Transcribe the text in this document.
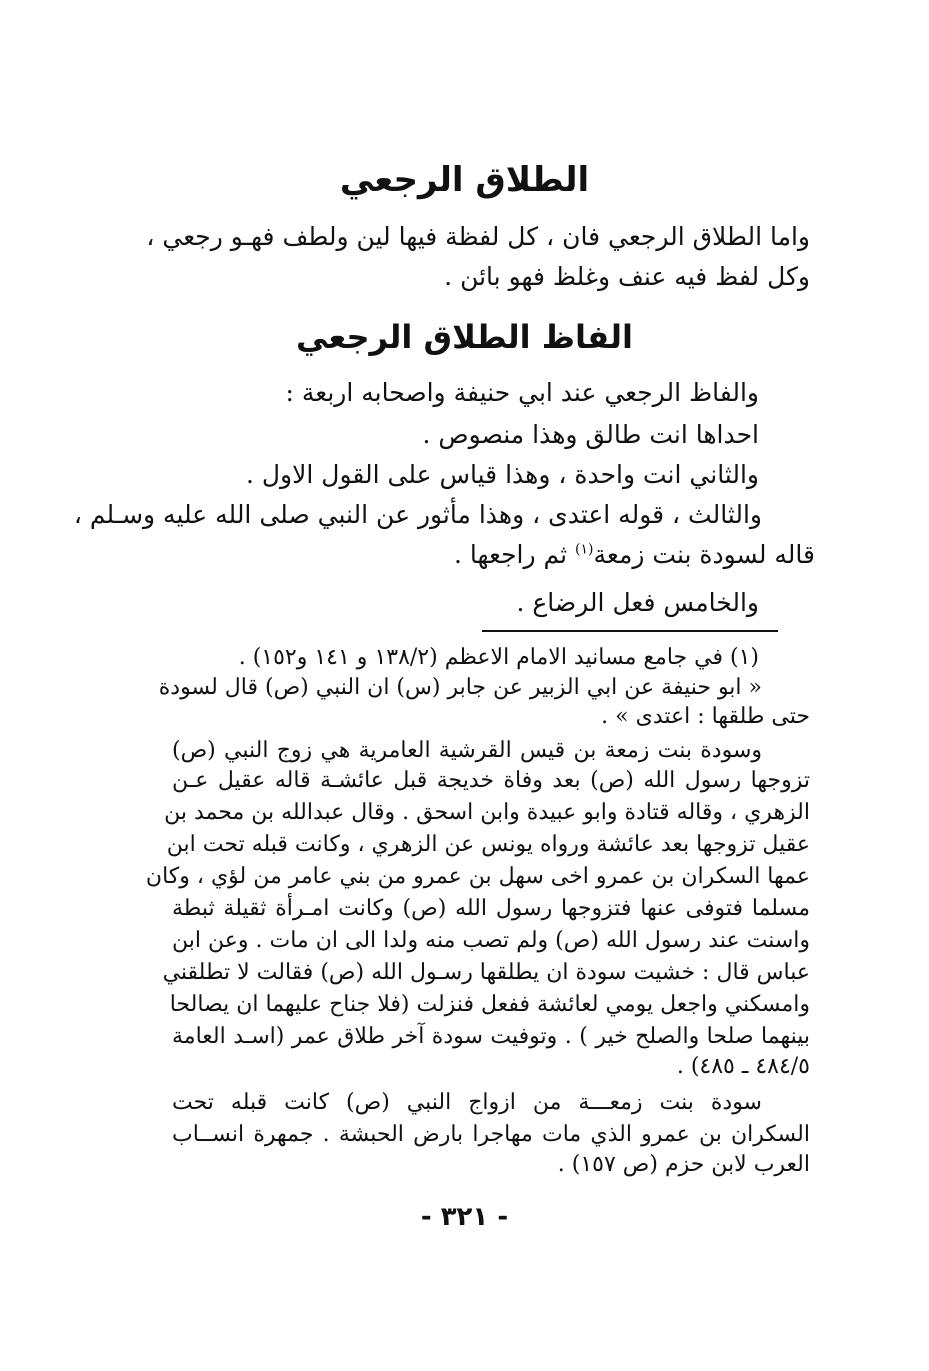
الطلاق الرجعي
واما الطلاق الرجعي فان ، كل لفظة فيها لين ولطف فهـو رجعي ،
وكل لفظ فيه عنف وغلظ فهو بائن .
الفاظ الطلاق الرجعي
والفاظ الرجعي عند ابي حنيفة واصحابه اربعة :
احداها انت طالق وهذا منصوص .
والثاني انت واحدة ، وهذا قياس على القول الاول .
والثالث ، قوله اعتدى ، وهذا مأثور عن النبي صلى الله عليه وسـلم ،
قاله لسودة بنت زمعة$^{(١)}$ ثم راجعها .
والخامس فعل الرضاع .
(١) في جامع مسانيد الامام الاعظم (١٣٨/٢ و ١٤١ و١٥٢) .
« ابو حنيفة عن ابي الزبير عن جابر (س) ان النبي (ص) قال لسودة
حتى طلقها : اعتدى » .
وسودة بنت زمعة بن قيس القرشية العامرية هي زوج النبي (ص)
تزوجها رسول الله (ص) بعد وفاة خديجة قبل عائشـة قاله عقيل عـن
الزهري ، وقاله قتادة وابو عبيدة وابن اسحق . وقال عبدالله بن محمد بن
عقيل تزوجها بعد عائشة ورواه يونس عن الزهري ، وكانت قبله تحت ابن
عمها السكران بن عمرو اخى سهل بن عمرو من بني عامر من لؤي ، وكان
مسلما فتوفى عنها فتزوجها رسول الله (ص) وكانت امـرأة ثقيلة ثبطة
واسنت عند رسول الله (ص) ولم تصب منه ولدا الى ان مات . وعن ابن
عباس قال : خشيت سودة ان يطلقها رسـول الله (ص) فقالت لا تطلقني
وامسكني واجعل يومي لعائشة ففعل فنزلت (فلا جناح عليهما ان يصالحا
بينهما صلحا والصلح خير ) . وتوفيت سودة آخر طلاق عمر (اسـد العامة
٤٨٤/٥ ـ ٤٨٥) .
سودة بنت زمعـــة من ازواج النبي (ص) كانت قبله تحت
السكران بن عمرو الذي مات مهاجرا بارض الحبشة . جمهرة انســاب
العرب لابن حزم (ص ١٥٧) .
- ٣٢١ -
